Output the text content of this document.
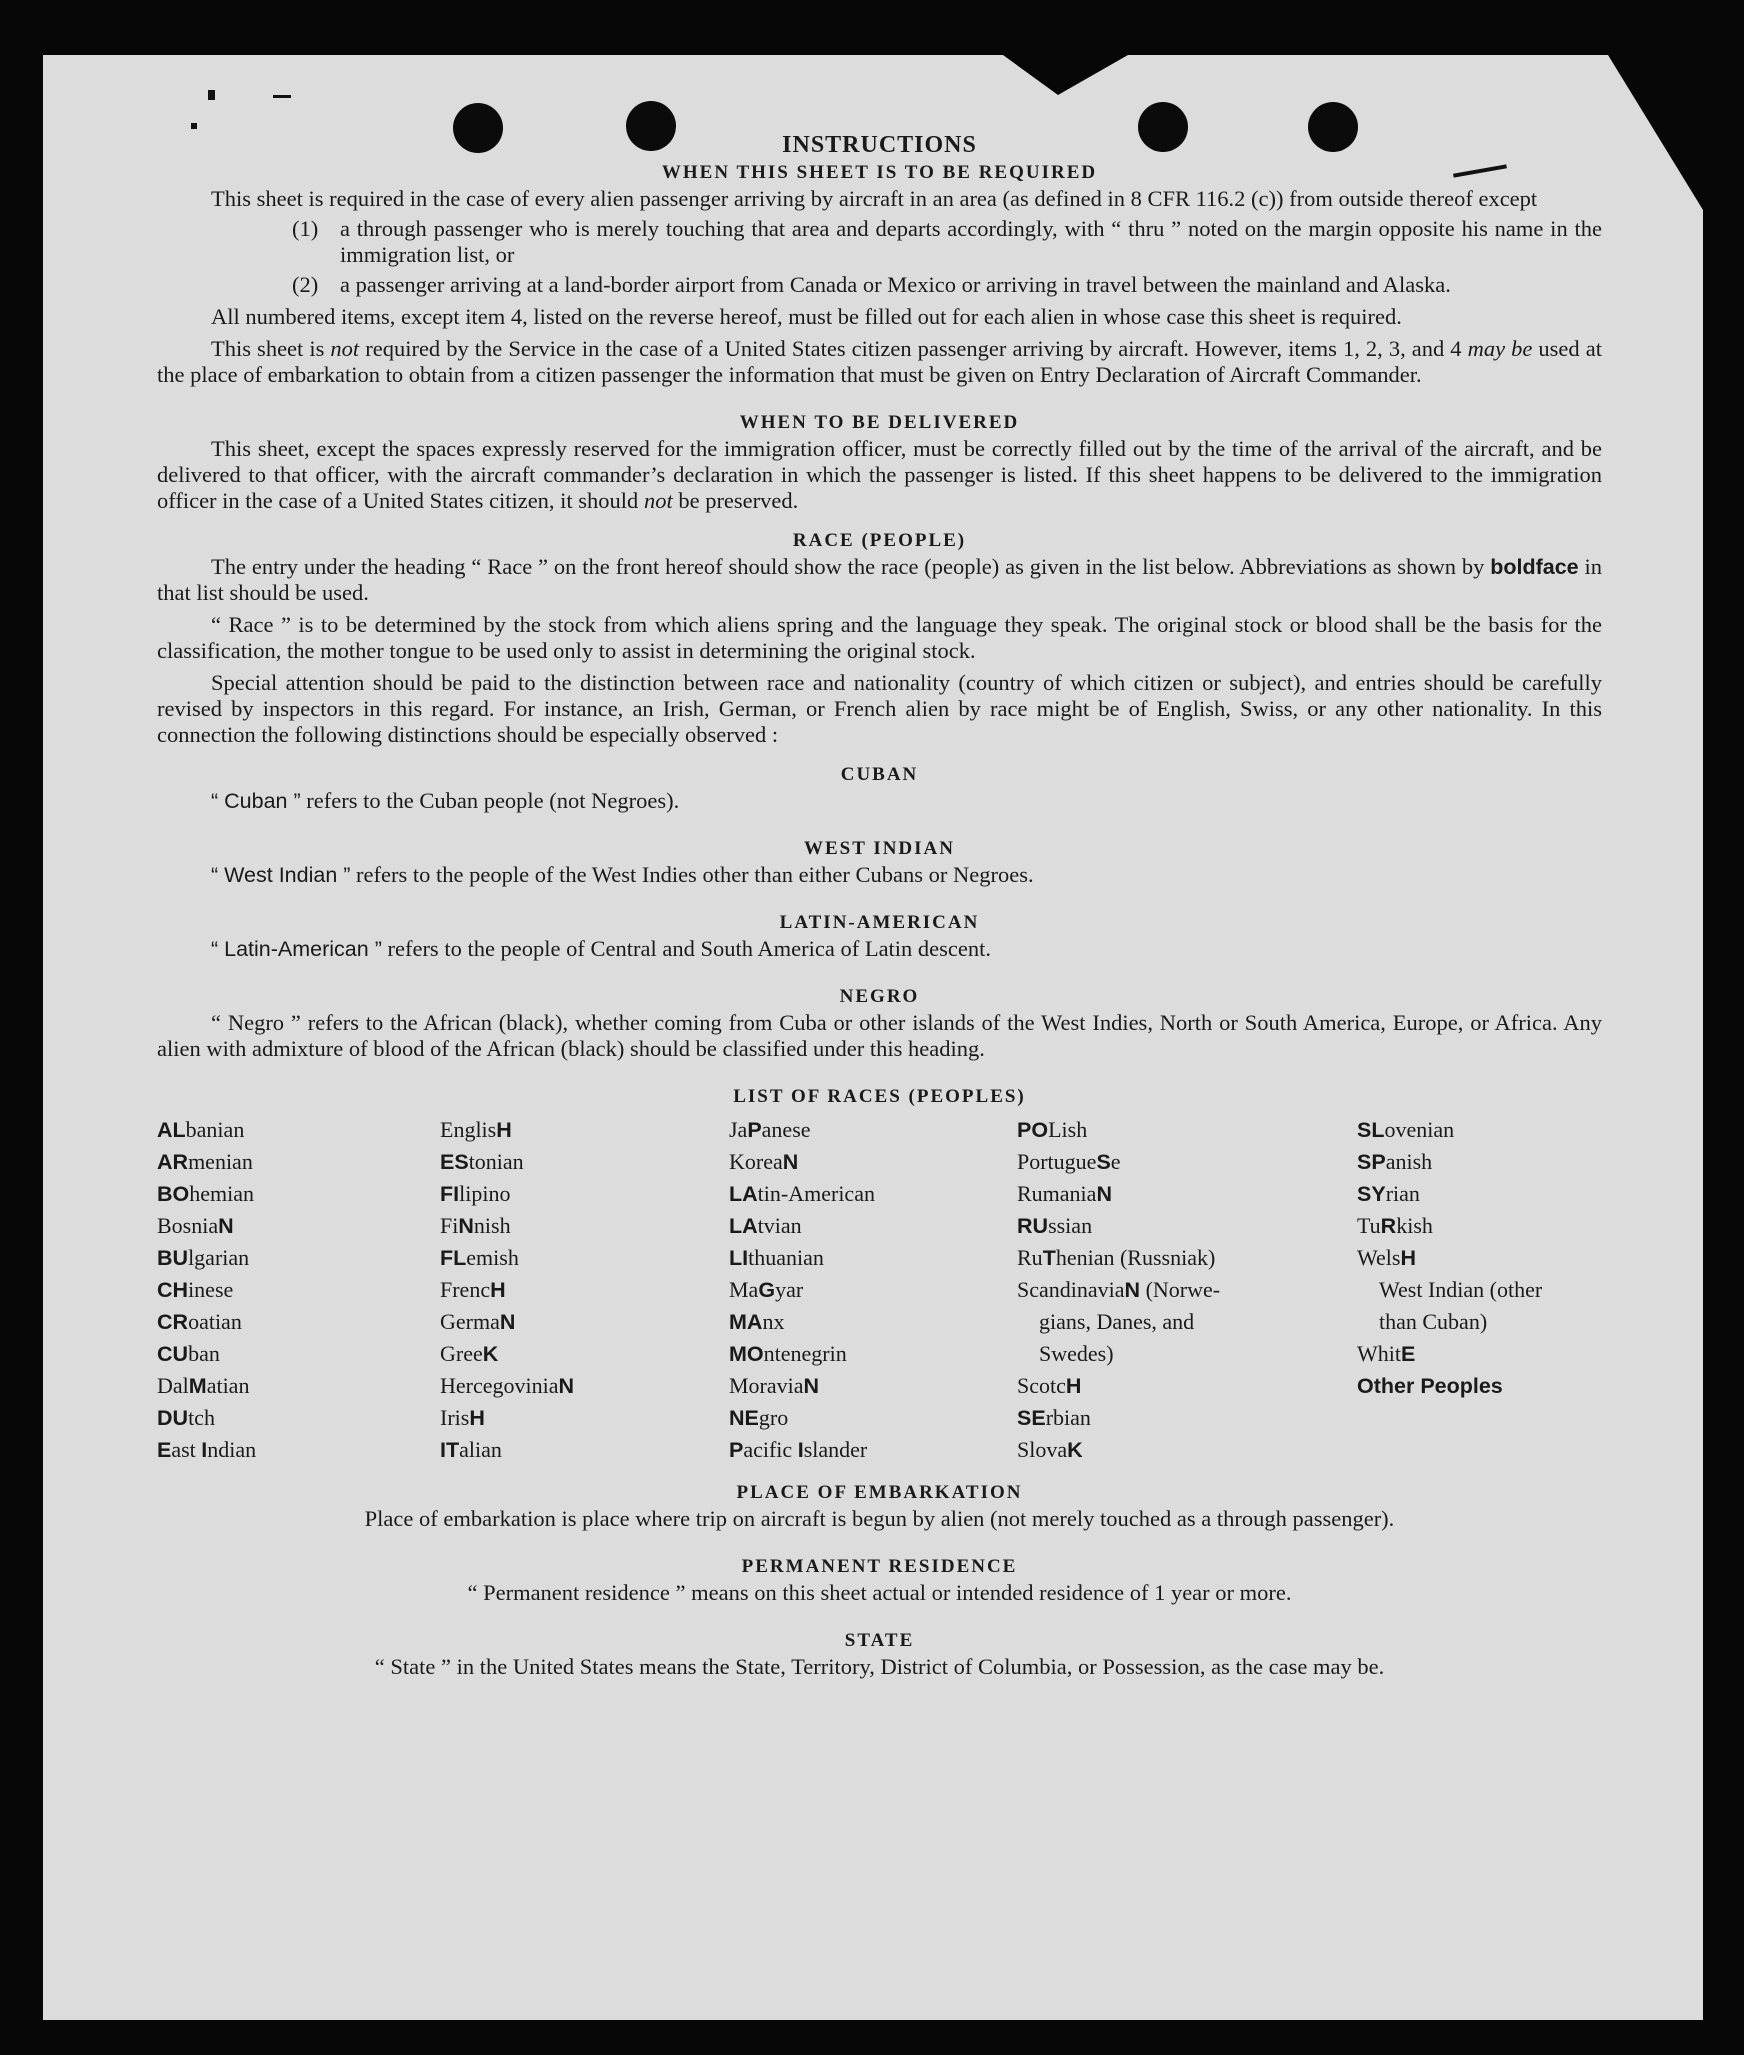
INSTRUCTIONS
WHEN THIS SHEET IS TO BE REQUIRED

This sheet is required in the case of every alien passenger arriving by aircraft in an area (as defined in 8 CFR 116.2 (c)) from outside thereof except

(1) a through passenger who is merely touching that area and departs accordingly, with “ thru ” noted on the margin opposite his name in the immigration list, or
(2) a passenger arriving at a land-border airport from Canada or Mexico or arriving in travel between the mainland and Alaska.

All numbered items, except item 4, listed on the reverse hereof, must be filled out for each alien in whose case this sheet is required.

This sheet is not required by the Service in the case of a United States citizen passenger arriving by aircraft. However, items 1, 2, 3, and 4 may be used at the place of embarkation to obtain from a citizen passenger the information that must be given on Entry Declaration of Aircraft Commander.

WHEN TO BE DELIVERED

This sheet, except the spaces expressly reserved for the immigration officer, must be correctly filled out by the time of the arrival of the aircraft, and be delivered to that officer, with the aircraft commander’s declaration in which the passenger is listed. If this sheet happens to be delivered to the immigration officer in the case of a United States citizen, it should not be preserved.

RACE (PEOPLE)

The entry under the heading “ Race ” on the front hereof should show the race (people) as given in the list below. Abbreviations as shown by boldface in that list should be used.

“ Race ” is to be determined by the stock from which aliens spring and the language they speak. The original stock or blood shall be the basis for the classification, the mother tongue to be used only to assist in determining the original stock.

Special attention should be paid to the distinction between race and nationality (country of which citizen or subject), and entries should be carefully revised by inspectors in this regard. For instance, an Irish, German, or French alien by race might be of English, Swiss, or any other nationality. In this connection the following distinctions should be especially observed :

CUBAN

“ Cuban ” refers to the Cuban people (not Negroes).

WEST INDIAN

“ West Indian ” refers to the people of the West Indies other than either Cubans or Negroes.

LATIN-AMERICAN

“ Latin-American ” refers to the people of Central and South America of Latin descent.

NEGRO

“ Negro ” refers to the African (black), whether coming from Cuba or other islands of the West Indies, North or South America, Europe, or Africa. Any alien with admixture of blood of the African (black) should be classified under this heading.

LIST OF RACES (PEOPLES)
ALbanian
ARmenian
BOhemian
BosniaN
BUlgarian
CHinese
CRoatian
CUban
DalMatian
DUtch
East Indian
EnglisH
EStonian
FIlipino
FiNnish
FLemish
FrencH
GermaN
GreeK
HercegoviniaN
IrisH
ITalian
JaPanese
KoreaN
LAtin-American
LAtvian
LIthuanian
MaGyar
MAnx
MOntenegrin
MoraviaN
NEgro
Pacific Islander
POLish
PortugueSe
RumaniaN
RUssian
RuThenian (Russniak)
ScandinaviaN (Norwe-
gians, Danes, and
Swedes)
ScotcH
SErbian
SlovaK
SLovenian
SPanish
SYrian
TuRkish
WelsH
West Indian (other
than Cuban)
WhitE
Other Peoples
PLACE OF EMBARKATION

Place of embarkation is place where trip on aircraft is begun by alien (not merely touched as a through passenger).

PERMANENT RESIDENCE

“ Permanent residence ” means on this sheet actual or intended residence of 1 year or more.

STATE

“ State ” in the United States means the State, Territory, District of Columbia, or Possession, as the case may be.
